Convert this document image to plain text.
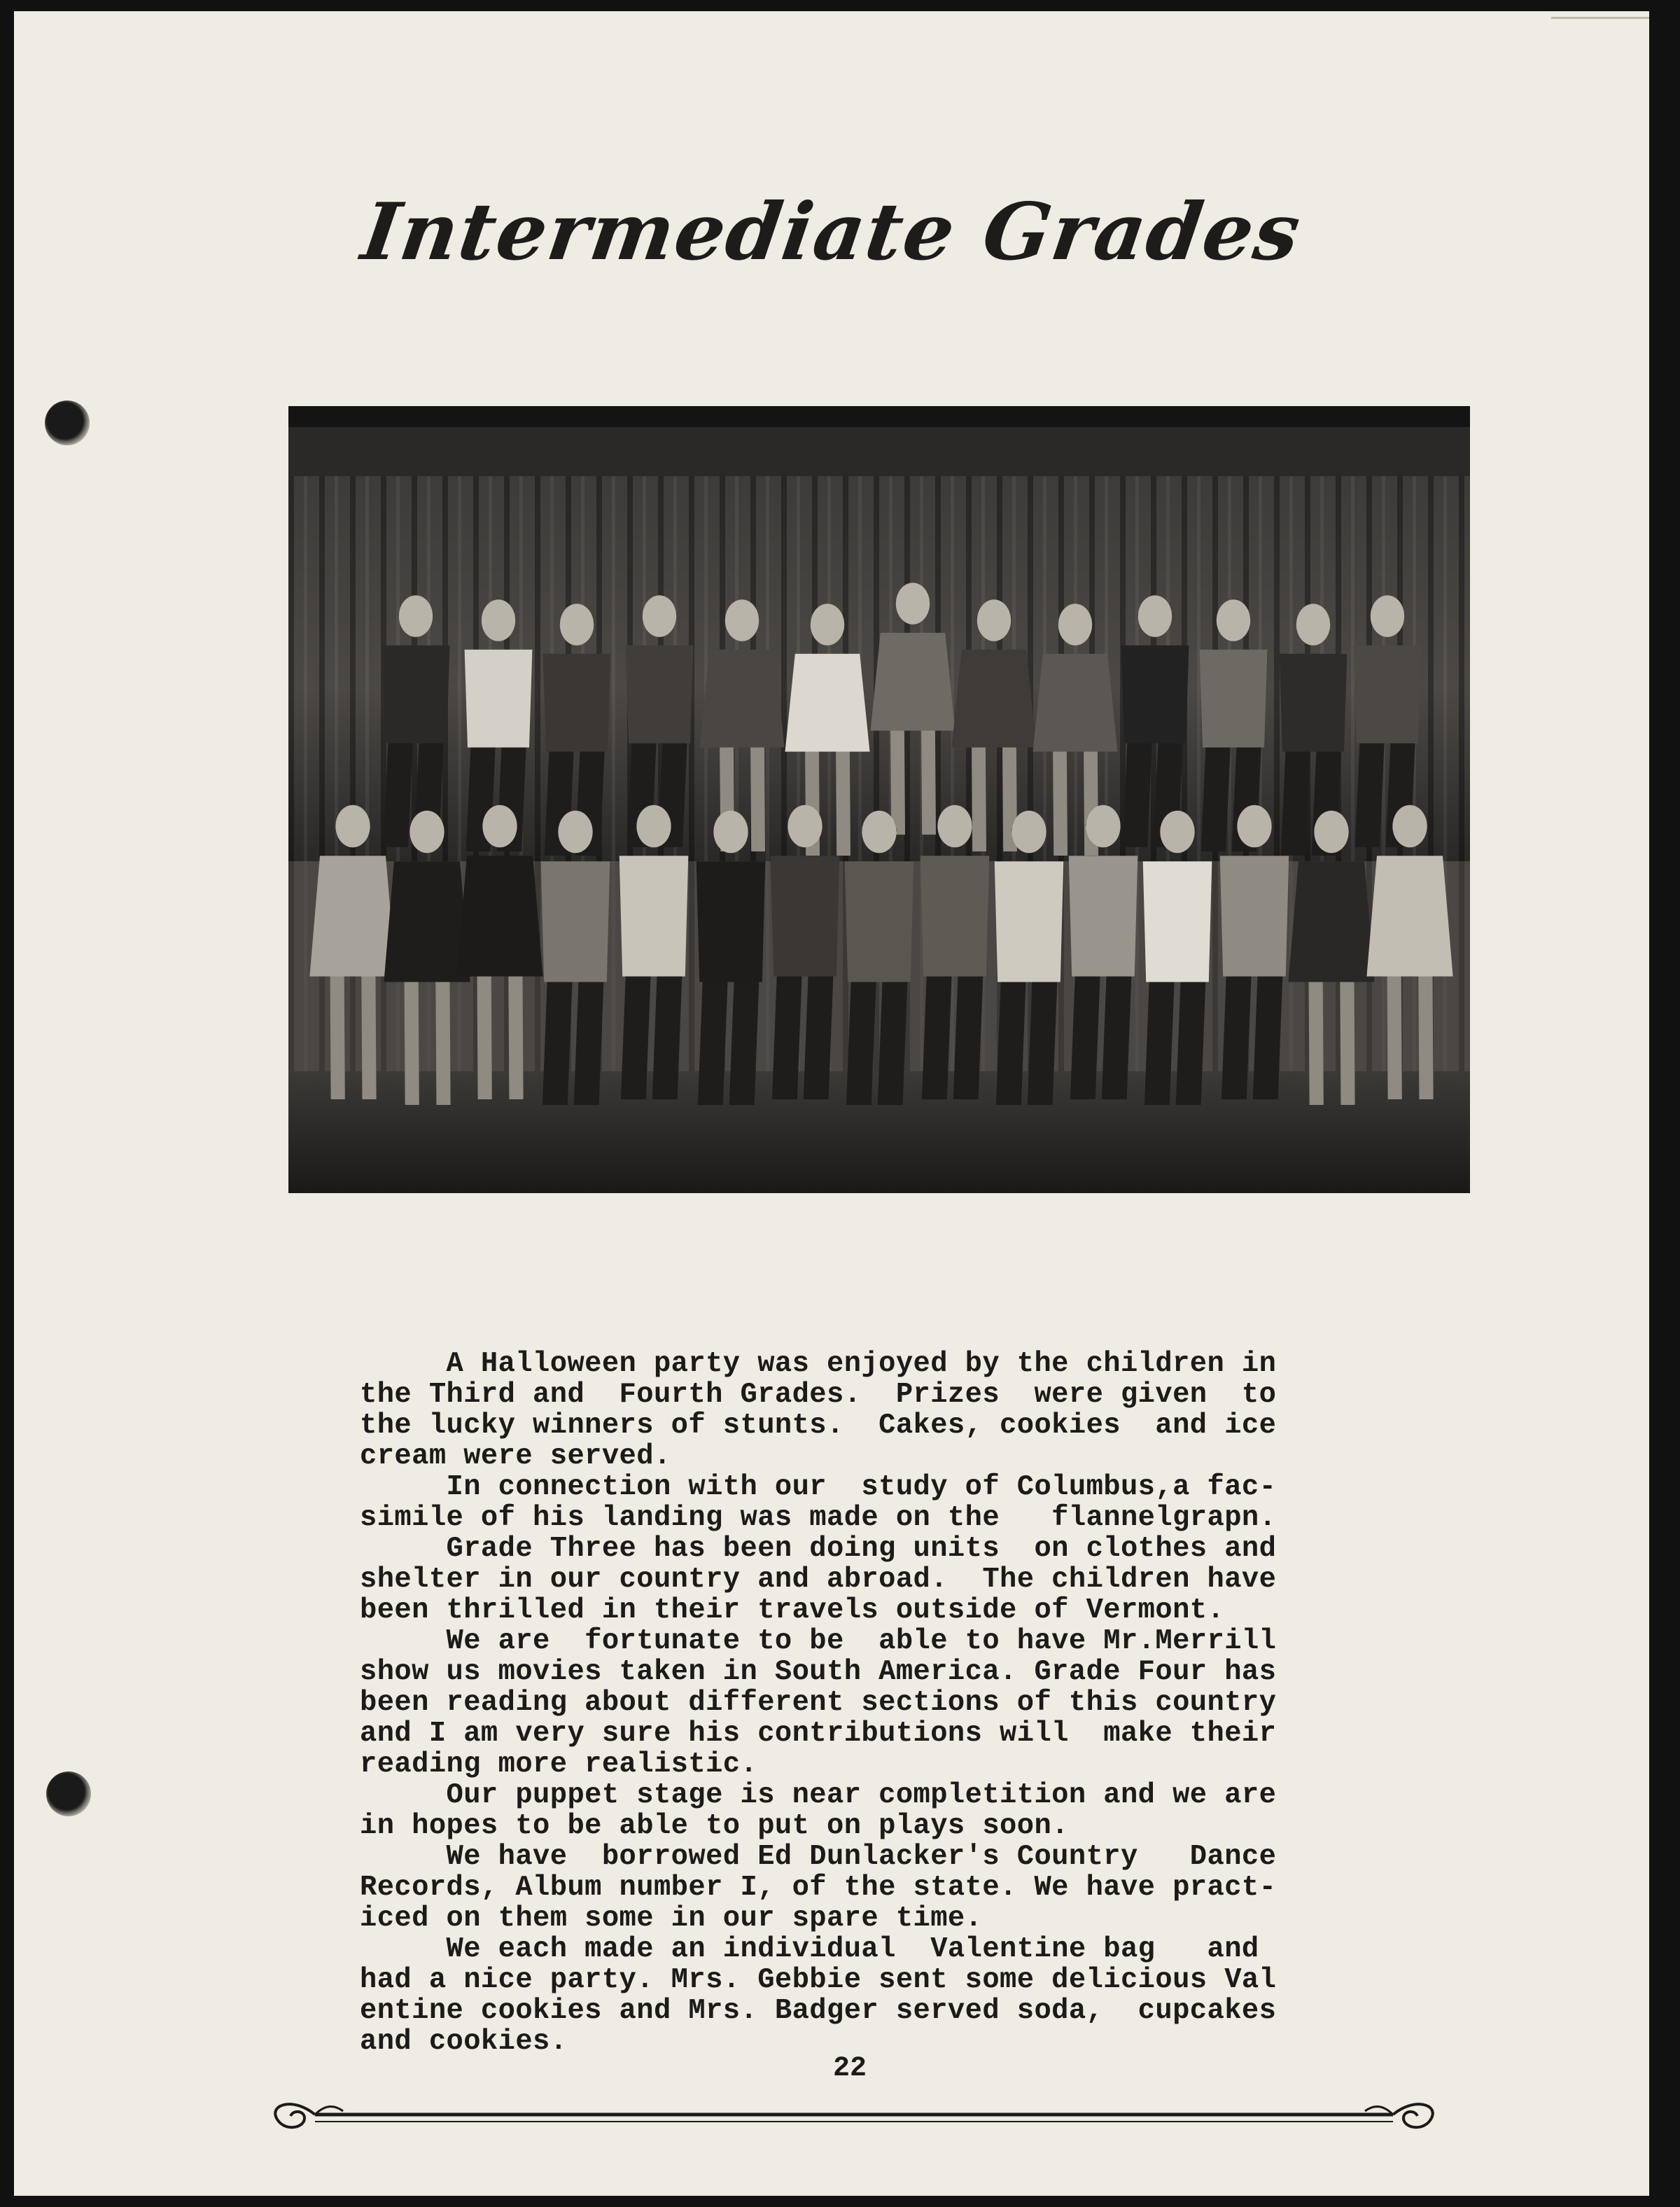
Intermediate Grades
A Halloween party was enjoyed by the children in
the Third and  Fourth Grades.  Prizes  were given  to
the lucky winners of stunts.  Cakes, cookies  and ice
cream were served.
In connection with our  study of Columbus,a fac-
simile of his landing was made on the   flannelgrapn.
Grade Three has been doing units  on clothes and
shelter in our country and abroad.  The children have
been thrilled in their travels outside of Vermont.
We are  fortunate to be  able to have Mr.Merrill
show us movies taken in South America. Grade Four has
been reading about different sections of this country
and I am very sure his contributions will  make their
reading more realistic.
Our puppet stage is near completition and we are
in hopes to be able to put on plays soon.
We have  borrowed Ed Dunlacker's Country   Dance
Records, Album number I, of the state. We have pract-
iced on them some in our spare time.
We each made an individual  Valentine bag   and
had a nice party. Mrs. Gebbie sent some delicious Val
entine cookies and Mrs. Badger served soda,  cupcakes
and cookies.
22
